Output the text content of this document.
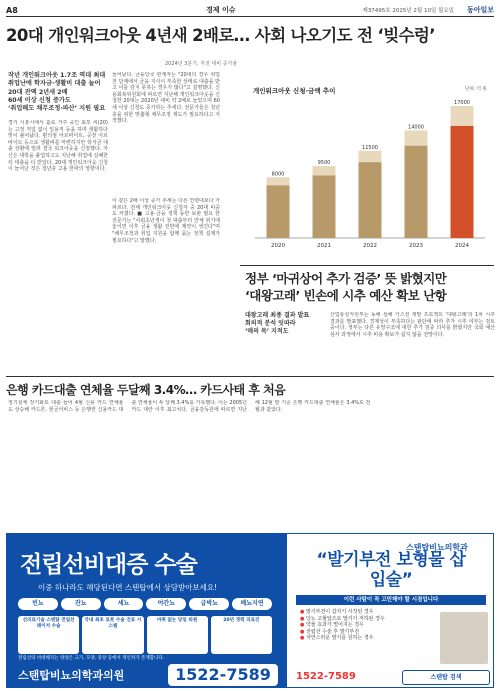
A8	경제 이슈	제37495호 2025년 2월 10일 월요일 동아일보
20대 개인워크아웃 4년새 2배로… 사회 나오기도 전 ‘빚수렁’
2024년 3분기, 직전 대비 증가율
작년 개인워크아웃 1.7조 역대 최대
취업난에 학자금·생활비 대출 늘어
20대 잔액 2년새 2배
60세 이상 신청 증가도
‘취업해도 채무조정·파산’ 지원 필요
경기 시흥시에서 홀로 거주 중인 최모 씨(20)는 고정 직업 없이 일용직 등을 하며 생활하다 빚이 불어났다. 편의점 아르바이트, 공장 아르바이트 등으로 생활비를 마련하지만 학자금 대출 상환에 밀려 결국 워크아웃을 신청했다. 자신은 대학을 졸업하고도 지난해 취업에 실패한 뒤 대출을 더 받았다. 20대 개인워크아웃 신청이 늘어난 것은 청년층 고용 한파의 영향이다.
늘어났다. 금융당국 관계자는 "20대의 경우 취업 전 단계에서 금융 지식이 부족한 상태로 대출을 받고 이를 갚지 못하는 경우가 많다"고 설명했다. 신용회복위원회에 따르면 지난해 개인워크아웃을 신청한 20대는 2020년 대비 약 2배로 늘었으며 60세 이상 신청도 증가하는 추세다. 전문가들은 청년층을 위한 맞춤형 채무조정 제도가 필요하다고 지적했다.
이 같은 2배 이상 증가 추세는 다른 연령대보다 가파르다. 전체 개인워크아웃 신청자 중 20대 비중도 커졌다. ■ 고용·금융 정책 동반 보완 필요 한 전문가는 "사회초년생이 첫 대출부터 연체 위기에 놓이면 이후 금융 생활 전반에 제약이 생긴다"며 "채무조정과 취업 지원을 함께 묶는 정책 설계가 필요하다"고 말했다.
개인워크아웃 신청·금액 추이	단위: 억 원
8000
2020
9500
2021
11500
2022
14000
2023
17000
2024
정부 ‘마귀상어 추가 검증’ 뜻 밝혔지만
‘대왕고래’ 빈손에 시추 예산 확보 난항
대왕고래 최종 결과 발표
회의적 분석 잇따라
‘매의 목’ 지적도
산업통상자원부는 동해 심해 가스전 개발 프로젝트 ‘대왕고래’의 1차 시추 결과를 발표했다. 경제성이 부족하다는 판단에 따라 추가 시추 여부는 검토 중이다. 정부는 다른 유망구조에 대한 추가 검증 의사를 밝혔지만 국회 예산 심사 과정에서 시추 비용 확보가 쉽지 않을 전망이다.
은행 카드대출 연체율 두달째 3.4%… 카드사태 후 처음
정기침체 장기화로 대출 늘어 4월 신용 카드 연체율도 상승해 카드론, 현금서비스 등 은행권 신용카드 대출 연체율이 두 달째 3.4%를 기록했다. 이는 2005년 카드 대란 이후 최고치다. 금융감독원에 따르면 지난해 12월 말 기준 은행 카드대출 연체율은 3.4%로 전월과 같았다.
전립선비대증 수술
이중 하나라도 해당된다면 스탠탑에서 상담받아보세요!
빈뇨	잔뇨	세뇨	야간뇨	급박뇨	배뇨지연
선의료기술 스탠탑 전립선 레이저 수술
국내 최초 로봇 수술 진료 시스템
마취 없는 당일 퇴원	20년 경력 의료진
전립선의 비대해지는 양상은 크기, 모양, 증상 등에서 개인차가 존재합니다.
스탠탑비뇨의학과의원	1522-7589
스탠탑비뇨의학과
“발기부전 보형물 삽입술”
이런 사람이 꼭 고민해야 할 시점입니다
● 발기부전이 갑자기 시작된 경우
● 당뇨 고혈압으로 발기가 저하된 경우
● 약물 효과가 떨어지는 경우
● 전립선 수술 후 발기부전
● 자연스러운 발기를 원하는 경우
1522-7589	스탠탑 검색
